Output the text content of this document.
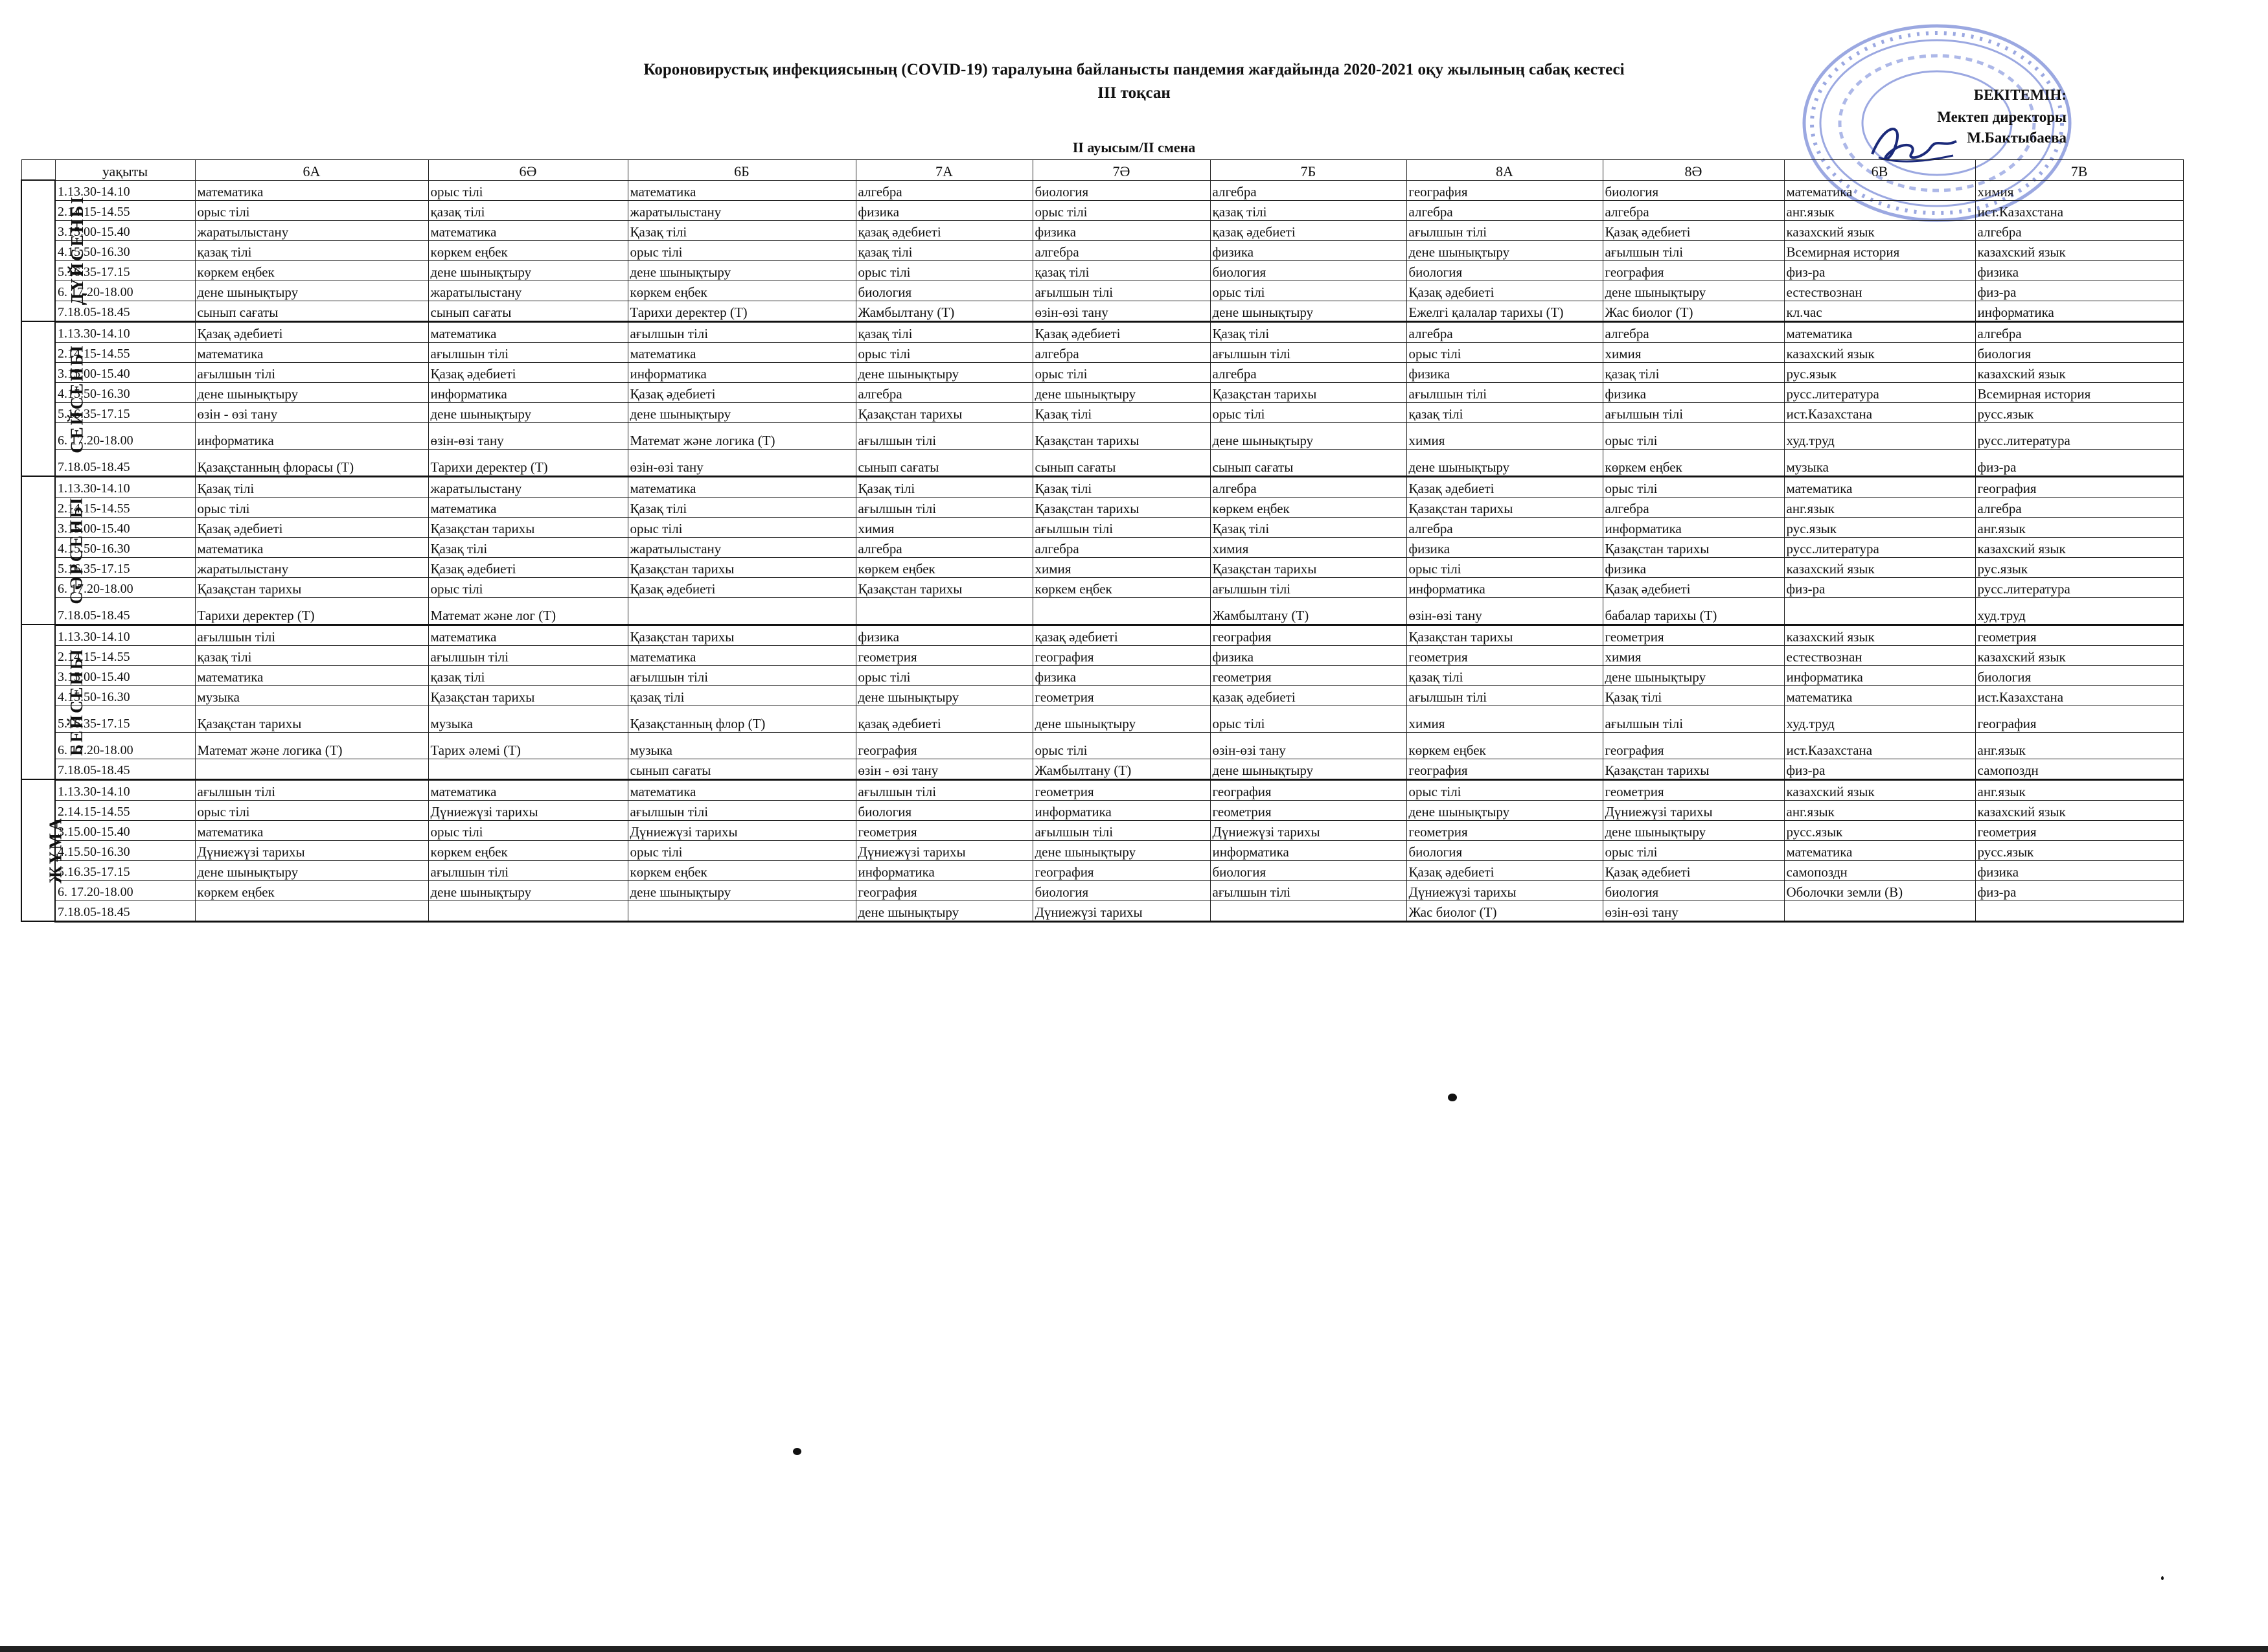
Короновирустық инфекциясының (COVID-19) таралуына байланысты пандемия жағдайында 2020-2021 оқу жылының сабақ кестесі
III тоқсан
II ауысым/II смена
БЕКІТЕМІН:
Мектеп директоры
М.Бактыбаева
	уақыты	6А	6Ә	6Б	7А	7Ә	7Б	8А	8Ә	6В	7В
ДҮЙСЕНБІ	1.13.30-14.10	математика	орыс тілі	математика	алгебра	биология	алгебра	география	биология	математика	химия
	2.14.15-14.55	орыс тілі	қазақ тілі	жаратылыстану	физика	орыс тілі	қазақ тілі	алгебра	алгебра	анг.язык	ист.Казахстана
	3.15.00-15.40	жаратылыстану	математика	Қазақ тілі	қазақ әдебиеті	физика	қазақ әдебиеті	ағылшын тілі	Қазақ әдебиеті	казахский язык	алгебра
	4.15.50-16.30	қазақ тілі	көркем еңбек	орыс тілі	қазақ тілі	алгебра	физика	дене шынықтыру	ағылшын тілі	Всемирная история	казахский язык
	5.16.35-17.15	көркем еңбек	дене шынықтыру	дене шынықтыру	орыс тілі	қазақ тілі	биология	биология	география	физ-ра	физика
	6. 17.20-18.00	дене шынықтыру	жаратылыстану	көркем еңбек	биология	ағылшын тілі	орыс тілі	Қазақ әдебиеті	дене шынықтыру	естествознан	физ-ра
	7.18.05-18.45	сынып сағаты	сынып сағаты	Тарихи деректер (Т)	Жамбылтану (Т)	өзін-өзі тану	дене шынықтыру	Ежелгі қалалар тарихы (Т)	Жас биолог (Т)	кл.час	информатика
СЕЙСЕНБІ	1.13.30-14.10	Қазақ әдебиеті	математика	ағылшын тілі	қазақ тілі	Қазақ әдебиеті	Қазақ тілі	алгебра	алгебра	математика	алгебра
	2.14.15-14.55	математика	ағылшын тілі	математика	орыс тілі	алгебра	ағылшын тілі	орыс тілі	химия	казахский язык	биология
	3.15.00-15.40	ағылшын тілі	Қазақ әдебиеті	информатика	дене шынықтыру	орыс тілі	алгебра	физика	қазақ тілі	рус.язык	казахский язык
	4.15.50-16.30	дене шынықтыру	информатика	Қазақ әдебиеті	алгебра	дене шынықтыру	Қазақстан тарихы	ағылшын тілі	физика	русс.литература	Всемирная история
	5.16.35-17.15	өзін - өзі тану	дене шынықтыру	дене шынықтыру	Қазақстан тарихы	Қазақ тілі	орыс тілі	қазақ тілі	ағылшын тілі	ист.Казахстана	русс.язык
	6. 17.20-18.00	информатика	өзін-өзі тану	Математ және логика (Т)	ағылшын тілі	Қазақстан тарихы	дене шынықтыру	химия	орыс тілі	худ.труд	русс.литература
	7.18.05-18.45	Қазақстанның флорасы (Т)	Тарихи деректер (Т)	өзін-өзі тану	сынып сағаты	сынып сағаты	сынып сағаты	дене шынықтыру	көркем еңбек	музыка	физ-ра
СӘРСЕНБІ	1.13.30-14.10	Қазақ тілі	жаратылыстану	математика	Қазақ тілі	Қазақ тілі	алгебра	Қазақ әдебиеті	орыс тілі	математика	география
	2.14.15-14.55	орыс тілі	математика	Қазақ тілі	ағылшын тілі	Қазақстан тарихы	көркем еңбек	Қазақстан тарихы	алгебра	анг.язык	алгебра
	3.15.00-15.40	Қазақ әдебиеті	Қазақстан тарихы	орыс тілі	химия	ағылшын тілі	Қазақ тілі	алгебра	информатика	рус.язык	анг.язык
	4.15.50-16.30	математика	Қазақ тілі	жаратылыстану	алгебра	алгебра	химия	физика	Қазақстан тарихы	русс.литература	казахский язык
	5.16.35-17.15	жаратылыстану	Қазақ әдебиеті	Қазақстан тарихы	көркем еңбек	химия	Қазақстан тарихы	орыс тілі	физика	казахский язык	рус.язык
	6. 17.20-18.00	Қазақстан тарихы	орыс тілі	Қазақ әдебиеті	Қазақстан тарихы	көркем еңбек	ағылшын тілі	информатика	Қазақ әдебиеті	физ-ра	русс.литература
	7.18.05-18.45	Тарихи деректер (Т)	Математ және лог (Т)				Жамбылтану (Т)	өзін-өзі тану	бабалар тарихы (Т)		худ.труд
БЕЙСЕНБІ	1.13.30-14.10	ағылшын тілі	математика	Қазақстан тарихы	физика	қазақ әдебиеті	география	Қазақстан тарихы	геометрия	казахский язык	геометрия
	2.14.15-14.55	қазақ тілі	ағылшын тілі	математика	геометрия	география	физика	геометрия	химия	естествознан	казахский язык
	3.15.00-15.40	математика	қазақ тілі	ағылшын тілі	орыс тілі	физика	геометрия	қазақ тілі	дене шынықтыру	информатика	биология
	4.15.50-16.30	музыка	Қазақстан тарихы	қазақ тілі	дене шынықтыру	геометрия	қазақ әдебиеті	ағылшын тілі	Қазақ тілі	математика	ист.Казахстана
	5.16.35-17.15	Қазақстан тарихы	музыка	Қазақстанның флор (Т)	қазақ әдебиеті	дене шынықтыру	орыс тілі	химия	ағылшын тілі	худ.труд	география
	6. 17.20-18.00	Математ және логика (Т)	Тарих әлемі (Т)	музыка	география	орыс тілі	өзін-өзі тану	көркем еңбек	география	ист.Казахстана	анг.язык
	7.18.05-18.45			сынып сағаты	өзін - өзі тану	Жамбылтану (Т)	дене шынықтыру	география	Қазақстан тарихы	физ-ра	самопоздн
ЖҰМА	1.13.30-14.10	ағылшын тілі	математика	математика	ағылшын тілі	геометрия	география	орыс тілі	геометрия	казахский язык	анг.язык
	2.14.15-14.55	орыс тілі	Дүниежүзі тарихы	ағылшын тілі	биология	информатика	геометрия	дене шынықтыру	Дүниежүзі тарихы	анг.язык	казахский язык
	3.15.00-15.40	математика	орыс тілі	Дүниежүзі тарихы	геометрия	ағылшын тілі	Дүниежүзі тарихы	геометрия	дене шынықтыру	русс.язык	геометрия
	4.15.50-16.30	Дүниежүзі тарихы	көркем еңбек	орыс тілі	Дүниежүзі тарихы	дене шынықтыру	информатика	биология	орыс тілі	математика	русс.язык
	5.16.35-17.15	дене шынықтыру	ағылшын тілі	көркем еңбек	информатика	география	биология	Қазақ әдебиеті	Қазақ әдебиеті	самопоздн	физика
	6. 17.20-18.00	көркем еңбек	дене шынықтыру	дене шынықтыру	география	биология	ағылшын тілі	Дүниежүзі тарихы	биология	Оболочки земли (В)	физ-ра
	7.18.05-18.45				дене шынықтыру	Дүниежүзі тарихы		Жас биолог (Т)	өзін-өзі тану		
